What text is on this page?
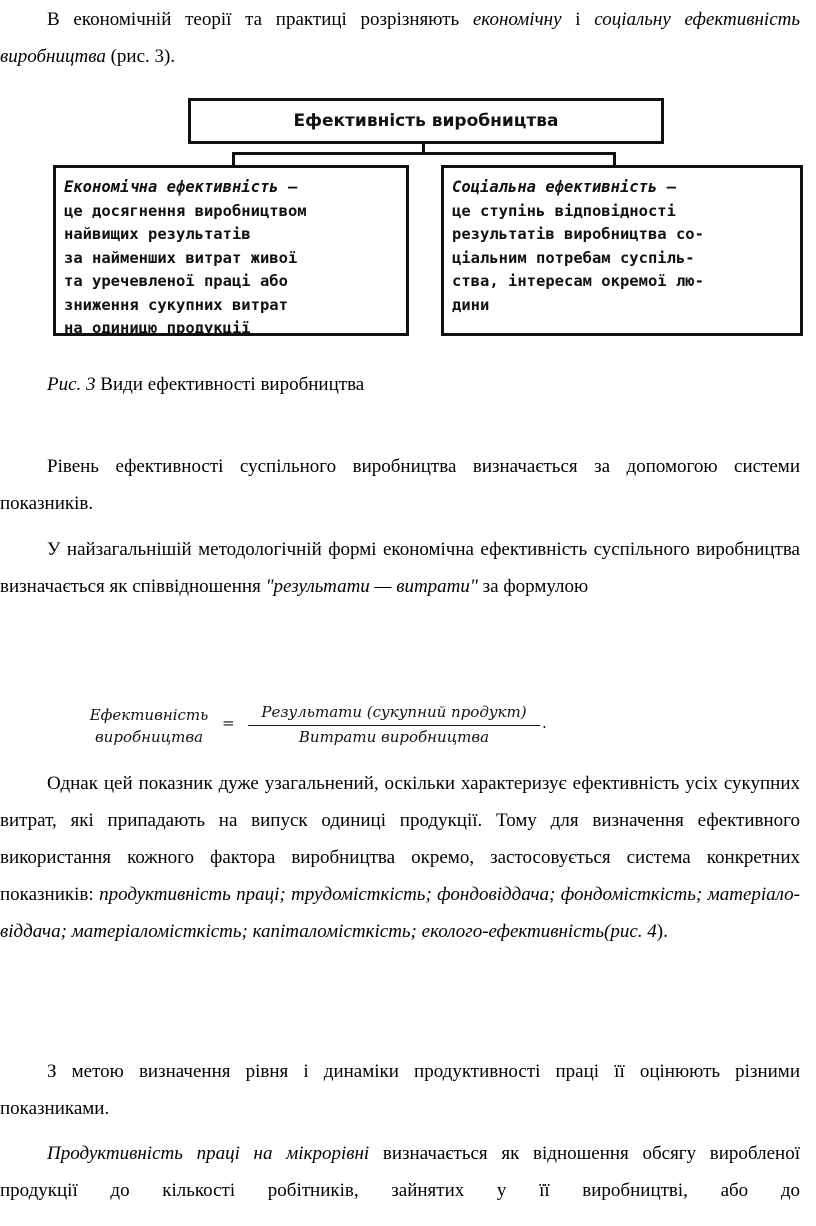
В економічній теорії та практиці розрізняють економічну і соціальну ефективність виробництва (рис. 3).

Ефективність виробництва
Економічна ефективність —
це досягнення виробництвом
найвищих результатів
за найменших витрат живої
та уречевленої праці або
зниження сукупних витрат
на одиницю продукції
Соціальна ефективність —
це ступінь відповідності
результатів виробництва со-
ціальним потребам суспіль-
ства, інтересам окремої лю-
дини
Рис. 3 Види ефективності виробництва

Рівень ефективності суспільного виробництва визначається за допомогою системи показників.

У найзагальнішій методологічній формі економічна ефективність суспільного виробництва визначається як співвідношення "результати — витрати" за формулою

Ефективність
виробництва
=
Результати (сукупний продукт)
Витрати виробництва
.

Однак цей показник дуже узагальнений, оскільки характеризує ефективність усіх сукупних витрат, які припадають на випуск одиниці продукції. Тому для визначення ефективного використання кожного фактора виробництва окремо, застосовується система конкретних показників: продуктивність праці; трудомісткість; фондовіддача; фондомісткість; матеріало-віддача; матеріаломісткість; капіталомісткість; еколого-ефективність(рис. 4).

З метою визначення рівня і динаміки продуктивності праці її оцінюють різними показниками.

Продуктивність праці на мікрорівні визначається як відношення обсягу виробленої продукції до кількості робітників, зайнятих у її виробництві, або до
